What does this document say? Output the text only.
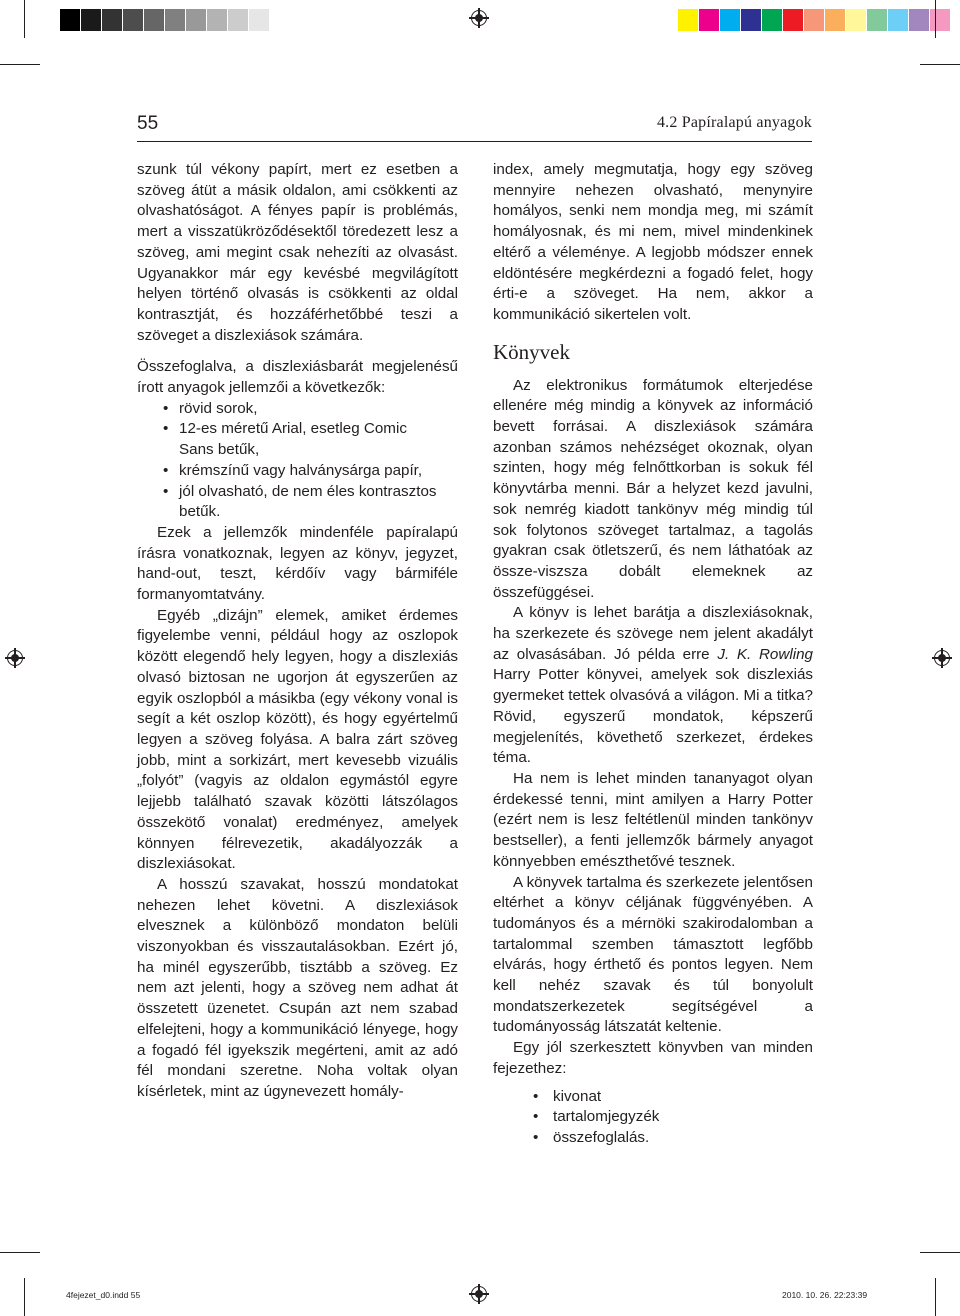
55	4.2 Papíralapú anyagok

szunk túl vékony papírt, mert ez esetben a szöveg átüt a másik oldalon, ami csökkenti az olvashatóságot. A fényes papír is problémás, mert a visszatükröződésektől töredezett lesz a szöveg, ami megint csak nehezíti az olvasást. Ugyanakkor már egy kevésbé megvilágított helyen történő olvasás is csökkenti az oldal kontrasztját, és hozzáférhetőbbé teszi a szöveget a diszlexiások számára.

Összefoglalva, a diszlexiásbarát megjelenésű írott anyagok jellemzői a következők:

• rövid sorok,
• 12-es méretű Arial, esetleg Comic Sans betűk,
• krémszínű vagy halványsárga papír,
• jól olvasható, de nem éles kontrasztos betűk.

Ezek a jellemzők mindenféle papíralapú írásra vonatkoznak, legyen az könyv, jegyzet, hand-out, teszt, kérdőív vagy bármiféle formanyomtatvány.

Egyéb „dizájn” elemek, amiket érdemes figyelembe venni, például hogy az oszlopok között elegendő hely legyen, hogy a diszlexiás olvasó biztosan ne ugorjon át egyszerűen az egyik oszlopból a másikba (egy vékony vonal is segít a két oszlop között), és hogy egyértelmű legyen a szöveg folyása. A balra zárt szöveg jobb, mint a sorkizárt, mert kevesebb vizuális „folyót” (vagyis az oldalon egymástól egyre lejjebb található szavak közötti látszólagos összekötő vonalat) eredményez, amelyek könnyen félrevezetik, akadályozzák a diszlexiásokat.

A hosszú szavakat, hosszú mondatokat nehezen lehet követni. A diszlexiások elvesznek a különböző mondaton belüli viszonyokban és visszautalásokban. Ezért jó, ha minél egyszerűbb, tisztább a szöveg. Ez nem azt jelenti, hogy a szöveg nem adhat át összetett üzenetet. Csupán azt nem szabad elfelejteni, hogy a kommunikáció lényege, hogy a fogadó fél igyekszik megérteni, amit az adó fél mondani szeretne. Noha voltak olyan kísérletek, mint az úgynevezett homály-

index, amely megmutatja, hogy egy szöveg mennyire nehezen olvasható, menynyire homályos, senki nem mondja meg, mi számít homályosnak, és mi nem, mivel mindenkinek eltérő a véleménye. A legjobb módszer ennek eldöntésére megkérdezni a fogadó felet, hogy érti-e a szöveget. Ha nem, akkor a kommunikáció sikertelen volt.

Könyvek

Az elektronikus formátumok elterjedése ellenére még mindig a könyvek az információ bevett forrásai. A diszlexiások számára azonban számos nehézséget okoznak, olyan szinten, hogy még felnőttkorban is sokuk fél könyvtárba menni. Bár a helyzet kezd javulni, sok nemrég kiadott tankönyv még mindig túl sok folytonos szöveget tartalmaz, a tagolás gyakran csak ötletszerű, és nem láthatóak az össze-viszsza dobált elemeknek az összefüggései.

A könyv is lehet barátja a diszlexiásoknak, ha szerkezete és szövege nem jelent akadályt az olvasásában. Jó példa erre J. K. Rowling Harry Potter könyvei, amelyek sok diszlexiás gyermeket tettek olvasóvá a világon. Mi a titka? Rövid, egyszerű mondatok, képszerű megjelenítés, követhető szerkezet, érdekes téma.

Ha nem is lehet minden tananyagot olyan érdekessé tenni, mint amilyen a Harry Potter (ezért nem is lesz feltétlenül minden tankönyv bestseller), a fenti jellemzők bármely anyagot könnyebben emészthetővé tesznek.

A könyvek tartalma és szerkezete jelentősen eltérhet a könyv céljának függvényében. A tudományos és a mérnöki szakirodalomban a tartalommal szemben támasztott legfőbb elvárás, hogy érthető és pontos legyen. Nem kell nehéz szavak és túl bonyolult mondatszerkezetek segítségével a tudományosság látszatát keltenie.

Egy jól szerkesztett könyvben van minden fejezethez:

• kivonat
• tartalomjegyzék
• összefoglalás.
4fejezet_d0.indd 55	2010. 10. 26. 22:23:39
